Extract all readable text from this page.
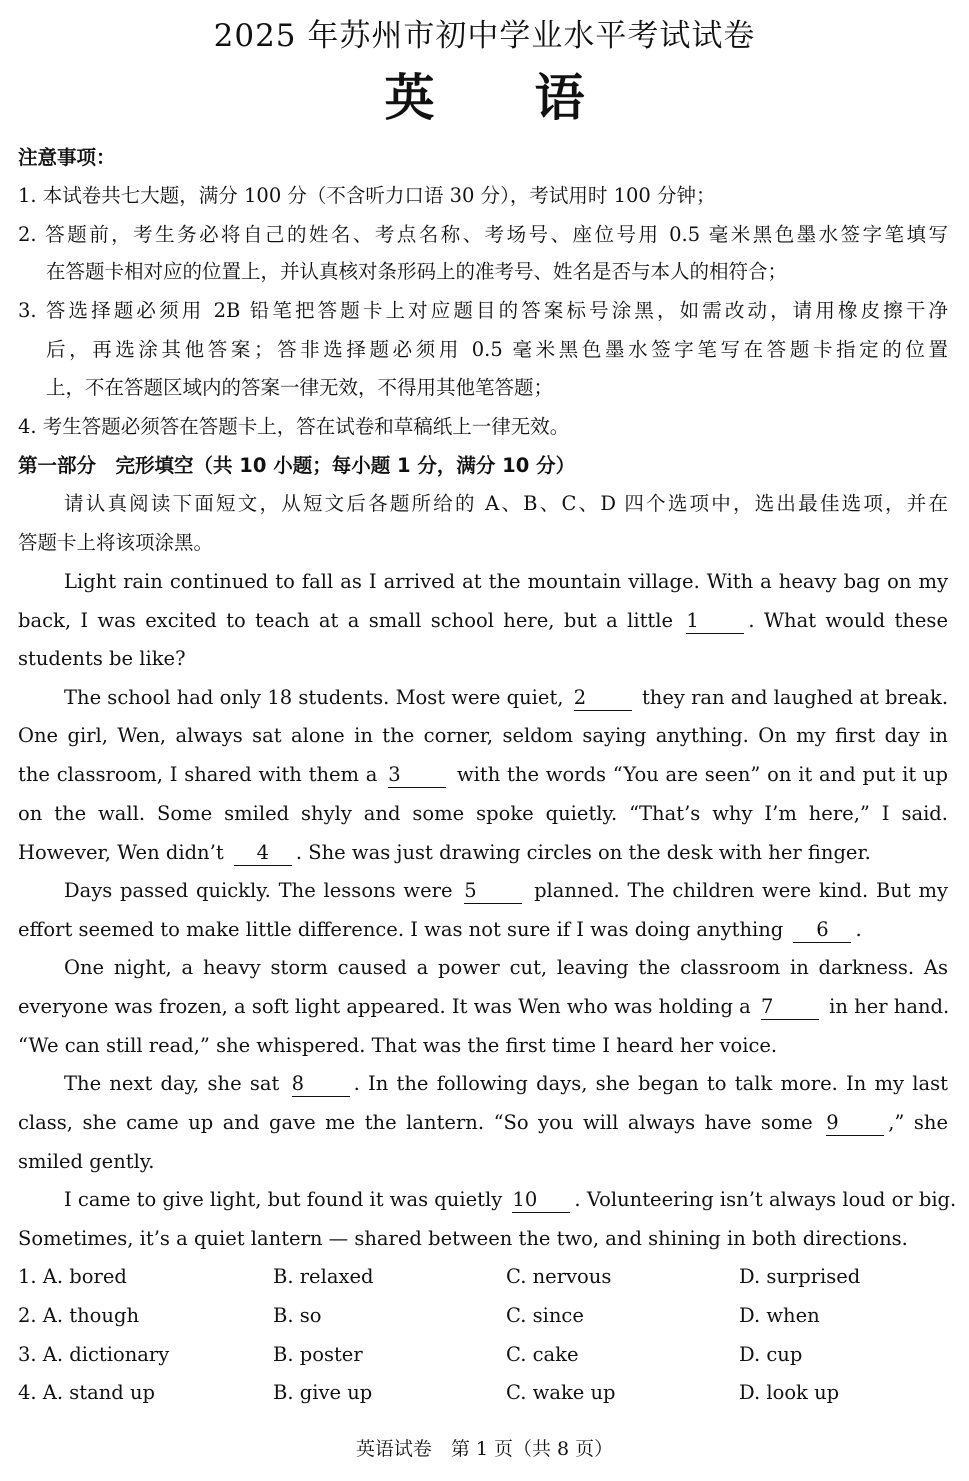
2025 年苏州市初中学业水平考试试卷
英 语
注意事项：
1. 本试卷共七大题，满分 100 分（不含听力口语 30 分），考试用时 100 分钟；
2. 答题前，考生务必将自己的姓名、考点名称、考场号、座位号用 0.5 毫米黑色墨水签字笔填写
在答题卡相对应的位置上，并认真核对条形码上的准考号、姓名是否与本人的相符合；
3. 答选择题必须用 2B 铅笔把答题卡上对应题目的答案标号涂黑，如需改动，请用橡皮擦干净
后，再选涂其他答案；答非选择题必须用 0.5 毫米黑色墨水签字笔写在答题卡指定的位置
上，不在答题区域内的答案一律无效，不得用其他笔答题；
4. 考生答题必须答在答题卡上，答在试卷和草稿纸上一律无效。
第一部分　完形填空（共 10 小题；每小题 1 分，满分 10 分）
请认真阅读下面短文，从短文后各题所给的 A、B、C、D 四个选项中，选出最佳选项，并在
答题卡上将该项涂黑。
Light rain continued to fall as I arrived at the mountain village. With a heavy bag on my
back, I was excited to teach at a small school here, but a little 1	. What would these
students be like?
The school had only 18 students. Most were quiet, 2	they ran and laughed at break.
One girl, Wen, always sat alone in the corner, seldom saying anything. On my first day in
the classroom, I shared with them a 3	with the words “You are seen” on it and put it up
on the wall. Some smiled shyly and some spoke quietly. “That’s why I’m here,” I said.
However, Wen didn’t 4 . She was just drawing circles on the desk with her finger.
Days passed quickly. The lessons were 5	planned. The children were kind. But my
effort seemed to make little difference. I was not sure if I was doing anything 6 .
One night, a heavy storm caused a power cut, leaving the classroom in darkness. As
everyone was frozen, a soft light appeared. It was Wen who was holding a 7	in her hand.
“We can still read,” she whispered. That was the first time I heard her voice.
The next day, she sat 8	. In the following days, she began to talk more. In my last
class, she came up and gave me the lantern. “So you will always have some 9	,” she
smiled gently.
I came to give light, but found it was quietly 10 . Volunteering isn’t always loud or big.
Sometimes, it’s a quiet lantern — shared between the two, and shining in both directions.
1. A. bored	B. relaxed	C. nervous	D. surprised
2. A. though	B. so	C. since	D. when
3. A. dictionary	B. poster	C. cake	D. cup
4. A. stand up	B. give up	C. wake up	D. look up
英语试卷　第 1 页（共 8 页）
